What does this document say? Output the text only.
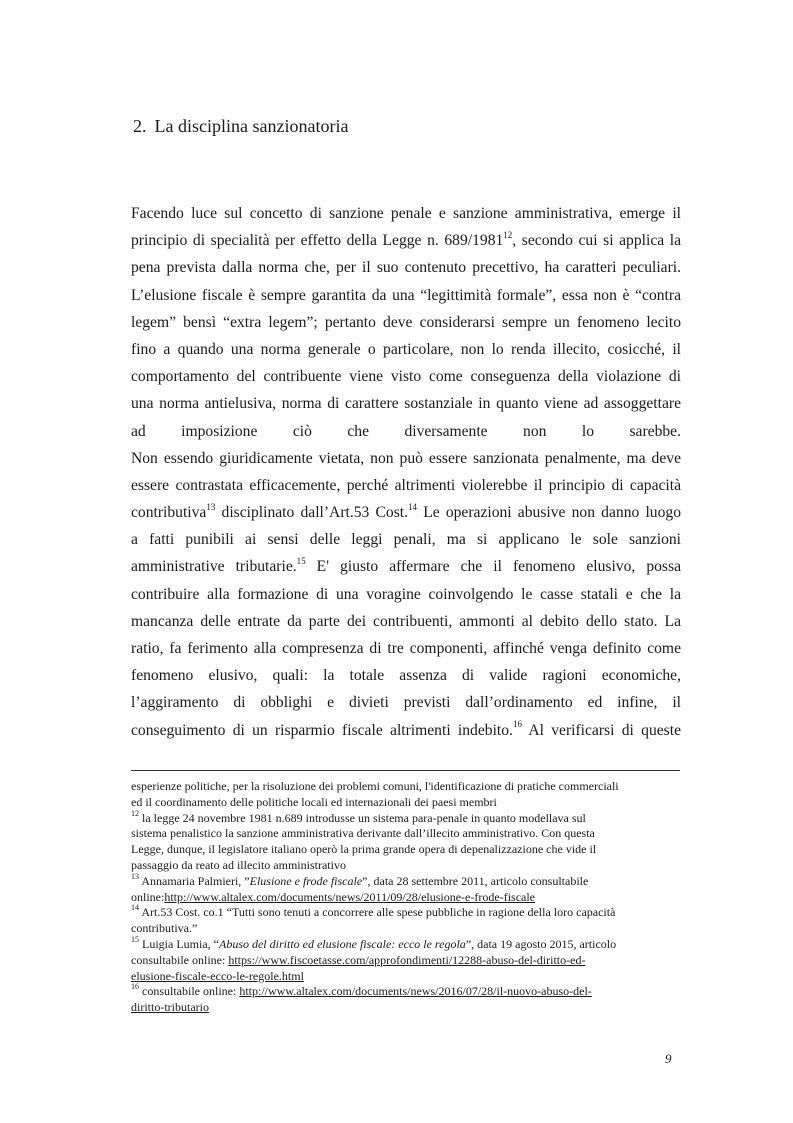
2. La disciplina sanzionatoria
Facendo luce sul concetto di sanzione penale e sanzione amministrativa, emerge il
principio di specialità per effetto della Legge n. 689/1981$^{12}$, secondo cui si applica la
pena prevista dalla norma che, per il suo contenuto precettivo, ha caratteri peculiari.
L’elusione fiscale è sempre garantita da una “legittimità formale”, essa non è “contra
legem” bensì “extra legem”; pertanto deve considerarsi sempre un fenomeno lecito
fino a quando una norma generale o particolare, non lo renda illecito, cosicché, il
comportamento del contribuente viene visto come conseguenza della violazione di
una norma antielusiva, norma di carattere sostanziale in quanto viene ad assoggettare
ad imposizione ciò che diversamente non lo sarebbe.
Non essendo giuridicamente vietata, non può essere sanzionata penalmente, ma deve
essere contrastata efficacemente, perché altrimenti violerebbe il principio di capacità
contributiva$^{13}$ disciplinato dall’Art.53 Cost.$^{14}$ Le operazioni abusive non danno luogo
a fatti punibili ai sensi delle leggi penali, ma si applicano le sole sanzioni
amministrative tributarie.$^{15}$ E' giusto affermare che il fenomeno elusivo, possa
contribuire alla formazione di una voragine coinvolgendo le casse statali e che la
mancanza delle entrate da parte dei contribuenti, ammonti al debito dello stato. La
ratio, fa ferimento alla compresenza di tre componenti, affinché venga definito come
fenomeno elusivo, quali: la totale assenza di valide ragioni economiche,
l’aggiramento di obblighi e divieti previsti dall’ordinamento ed infine, il
conseguimento di un risparmio fiscale altrimenti indebito.$^{16}$ Al verificarsi di queste
esperienze politiche, per la risoluzione dei problemi comuni, l'identificazione di pratiche commerciali
ed il coordinamento delle politiche locali ed internazionali dei paesi membri
$^{12}$ la legge 24 novembre 1981 n.689 introdusse un sistema para-penale in quanto modellava sul
sistema penalistico la sanzione amministrativa derivante dall’illecito amministrativo. Con questa
Legge, dunque, il legislatore italiano operò la prima grande opera di depenalizzazione che vide il
passaggio da reato ad illecito amministrativo
$^{13}$ Annamaria Palmieri, ”Elusione e frode fiscale”, data 28 settembre 2011, articolo consultabile
online:http://www.altalex.com/documents/news/2011/09/28/elusione-e-frode-fiscale
$^{14}$ Art.53 Cost. co.1 “Tutti sono tenuti a concorrere alle spese pubbliche in ragione della loro capacità
contributiva.”
$^{15}$ Luigia Lumia, “Abuso del diritto ed elusione fiscale: ecco le regola”, data 19 agosto 2015, articolo
consultabile online: https://www.fiscoetasse.com/approfondimenti/12288-abuso-del-diritto-ed-
elusione-fiscale-ecco-le-regole.html
$^{16}$ consultabile online: http://www.altalex.com/documents/news/2016/07/28/il-nuovo-abuso-del-
diritto-tributario
9
